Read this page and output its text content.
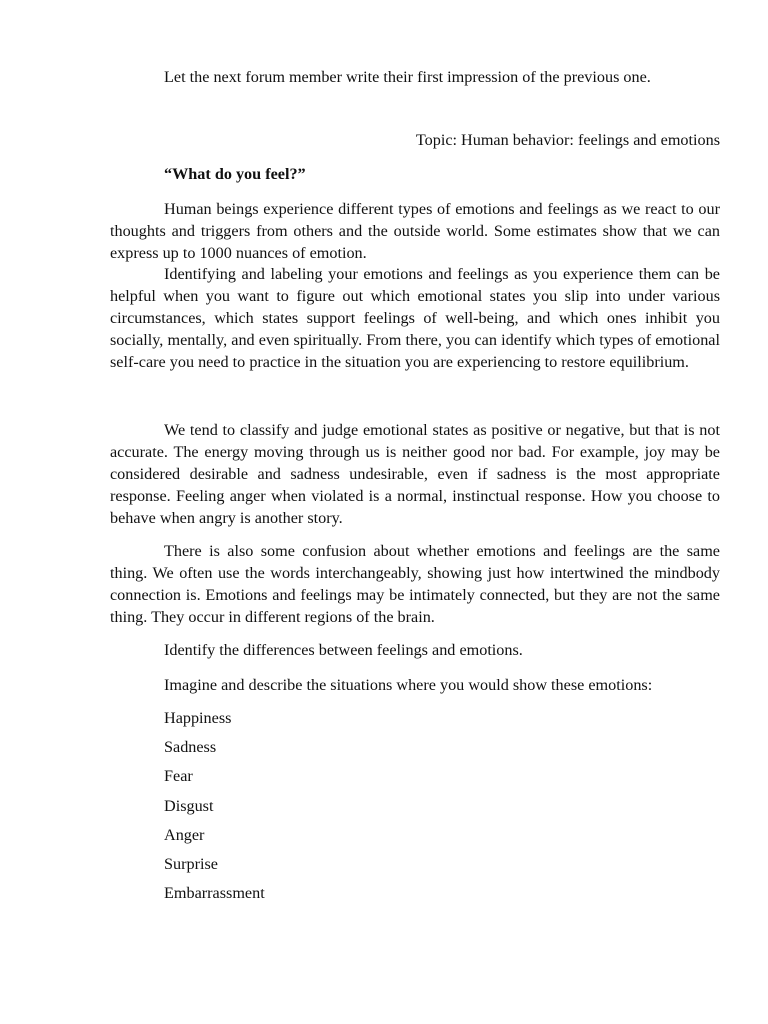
Let the next forum member write their first impression of the previous one.
Topic: Human behavior: feelings and emotions
“What do you feel?”

Human beings experience different types of emotions and feelings as we react to our thoughts and triggers from others and the outside world. Some estimates show that we can express up to 1000 nuances of emotion.

Identifying and labeling your emotions and feelings as you experience them can be helpful when you want to figure out which emotional states you slip into under various circumstances, which states support feelings of well-being, and which ones inhibit you socially, mentally, and even spiritually. From there, you can identify which types of emotional self-care you need to practice in the situation you are experiencing to restore equilibrium.

We tend to classify and judge emotional states as positive or negative, but that is not accurate. The energy moving through us is neither good nor bad. For example, joy may be considered desirable and sadness undesirable, even if sadness is the most appropriate response. Feeling anger when violated is a normal, instinctual response. How you choose to behave when angry is another story.

There is also some confusion about whether emotions and feelings are the same thing. We often use the words interchangeably, showing just how intertwined the mindbody connection is. Emotions and feelings may be intimately connected, but they are not the same thing. They occur in different regions of the brain.

Identify the differences between feelings and emotions.
Imagine and describe the situations where you would show these emotions:
Happiness
Sadness
Fear
Disgust
Anger
Surprise
Embarrassment
